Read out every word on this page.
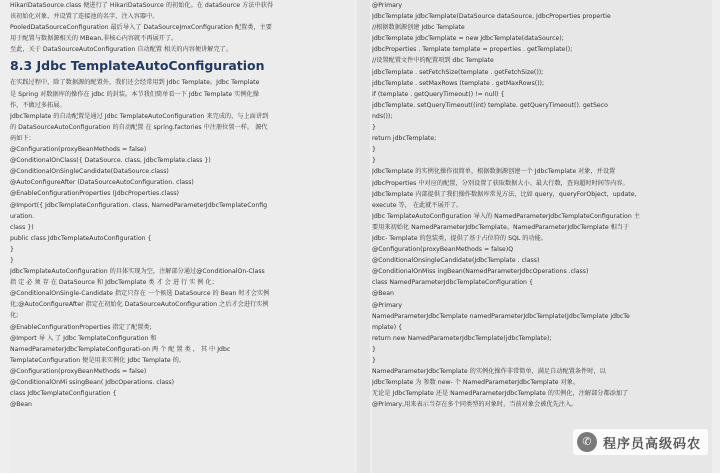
HikariDataSource.class 便进行了 HikariDataSource 的初始化。在 dataSource 方法中获得
该初始化对象，并设置了连接池的名字，注入容器中。
PooledDataSourceConfiguration 最后导入了 DataSourceJmxConfiguration 配置类，主要
用于配置与数据源相关的 MBean,非核心内容就不再展开了。
至此，关于 DataSourceAutoConfiguration 自动配置 相关的内容便讲解完了。
8.3 Jdbc TemplateAutoConfiguration
在实践过程中，除了数据源的配置外，我们还会经常用到 Jdbc Template。Jdbc Template
是 Spring 对数据库的操作在 jdbc 的封装。本节我们简单看一下 Jdbc Template 实例化操
作，不做过多拓展。
JdbcTemplate 的自动配置是通过 Jdbc TemplateAutoConfiguration 来完成的，与上面讲到
的 DataSourceAutoConfiguration 的自动配置 在 spring.factories 中注册位置一样。 源代
码如下：
@Configuration(proxyBeanMethods = false)
@ConditionalOnClass({ DataSource. class, JdbcTemplate.class })
@ConditionalOnSingleCandidate(DataSource.class)
@AutoConfigureAfter (DataSourceAutoConfiguration. class)
@EnableConfigurationProperties (JdbcProperties.class)
@Import({ JdbcTemplateConfiguration. class, NamedParameterJdbcTemplateConfig
uration.
class })
public class JdbcTemplateAutoConfiguration {
}
}
JdbcTemplateAutoConfiguration 的具体实现为空，注解部分通过@ConditionalOn-Class
指 定 必 须 存 在 DataSource 和 JdbcTemplate 类 才 会 进 行 实 例 化；
@ConditionalOnSingle-Candidate 指定只存在 一个候选 DataSource 的 Bean 时才会实例
化;@AutoConfigureAfter 指定在初始化 DataSourceAutoConfiguration 之后才会进行实例
化;
@EnableConfigurationProperties 指定了配置类;
@Import 导 入 了 Jdbc TemplateConfiguration 和
NamedParameterJdbcTemplateConfigurati-on 两 个 配 置 类 ， 其 中 Jdbc
TemplateConfiguration 便是用来实例化 Jdbc Template 的。
@Configuration(proxyBeanMethods = false)
@ConditionalOnMi ssingBean( JdbcOperations. class)
class JdbcTemplateConfiguration {
@Bean
@Primary
JdbcTemplate jdbcTemplate(DataSource dataSource, JdbcProperties propertie
//根据数据源创建 Jdbc Template
JdbcTemplate jdbcTemplate = new JdbcTemplate(dataSource);
JdbcProperties . Template template = properties . getTemplate();
//设置配置文件中的配置项到 dbc Template
jdbcTemplate . setFetchSize(template . getFetchSize());
jdbcTemplate . setMaxRows (template . getMaxRows());
if (template . getQueryTimeout() != null) {
jdbcTemplate. setQueryTimeout((int) template. getQueryTimeout(). getSeco
nds());
}
return jdbcTemplate;
}
}
JdbcTemplate 的实例化操作很简单，根据数据源创建一个 JdbcTemplate 对象，并设置
JdbcProperties 中对应的配置，分别设置了获取数据大小、最大行数，查询超时时间等内容。
JdbcTemplate 内部提供了我们操作数据库常见方法，比如 query，queryForObject，update，
execute 等， 在此就不展开了。
Jdbc TemplateAutoConfiguration 导入的 NamedParameterJdbcTemplateConfiguration 主
要用来初始化 NamedParameterJdbcTemplate。NamedParameterJdbcTemplate 相当于
Jdbc- Template 的包装类，提供了基于占位符的 SQL 的功能。
@Configuration(proxyBeanMethods = false)Q
@ConditionalOnsingleCandidate(JdbcTemplate . class)
@ConditionalOnMiss ingBean(NamedParameterJdbcOperations .class)
class NamedParameterJdbcTemplateConfiguration {
@Bean
@Primary
NamedParameterJdbcTemplate namedParameterJdbcTemplate(JdbcTemplate jdbcTe
mplate) {
return new NamedParameterJdbcTemplate(jdbcTemplate);
}
}
NamedParameterJdbcTemplate 的实例化操作非常简单，满足自动配置条件时，以
JdbcTemplate 为 参数 new- 个 NamedParameterJdbcTemplate 对象。
无论是 JdbcTemplate 还是 NamedParameterJdbcTemplate 的实例化，注解部分都添加了
@Primary,用来表示当存在多个同类型的对象时，当前对象会被优先注入。
✆ 程序员高级码农
